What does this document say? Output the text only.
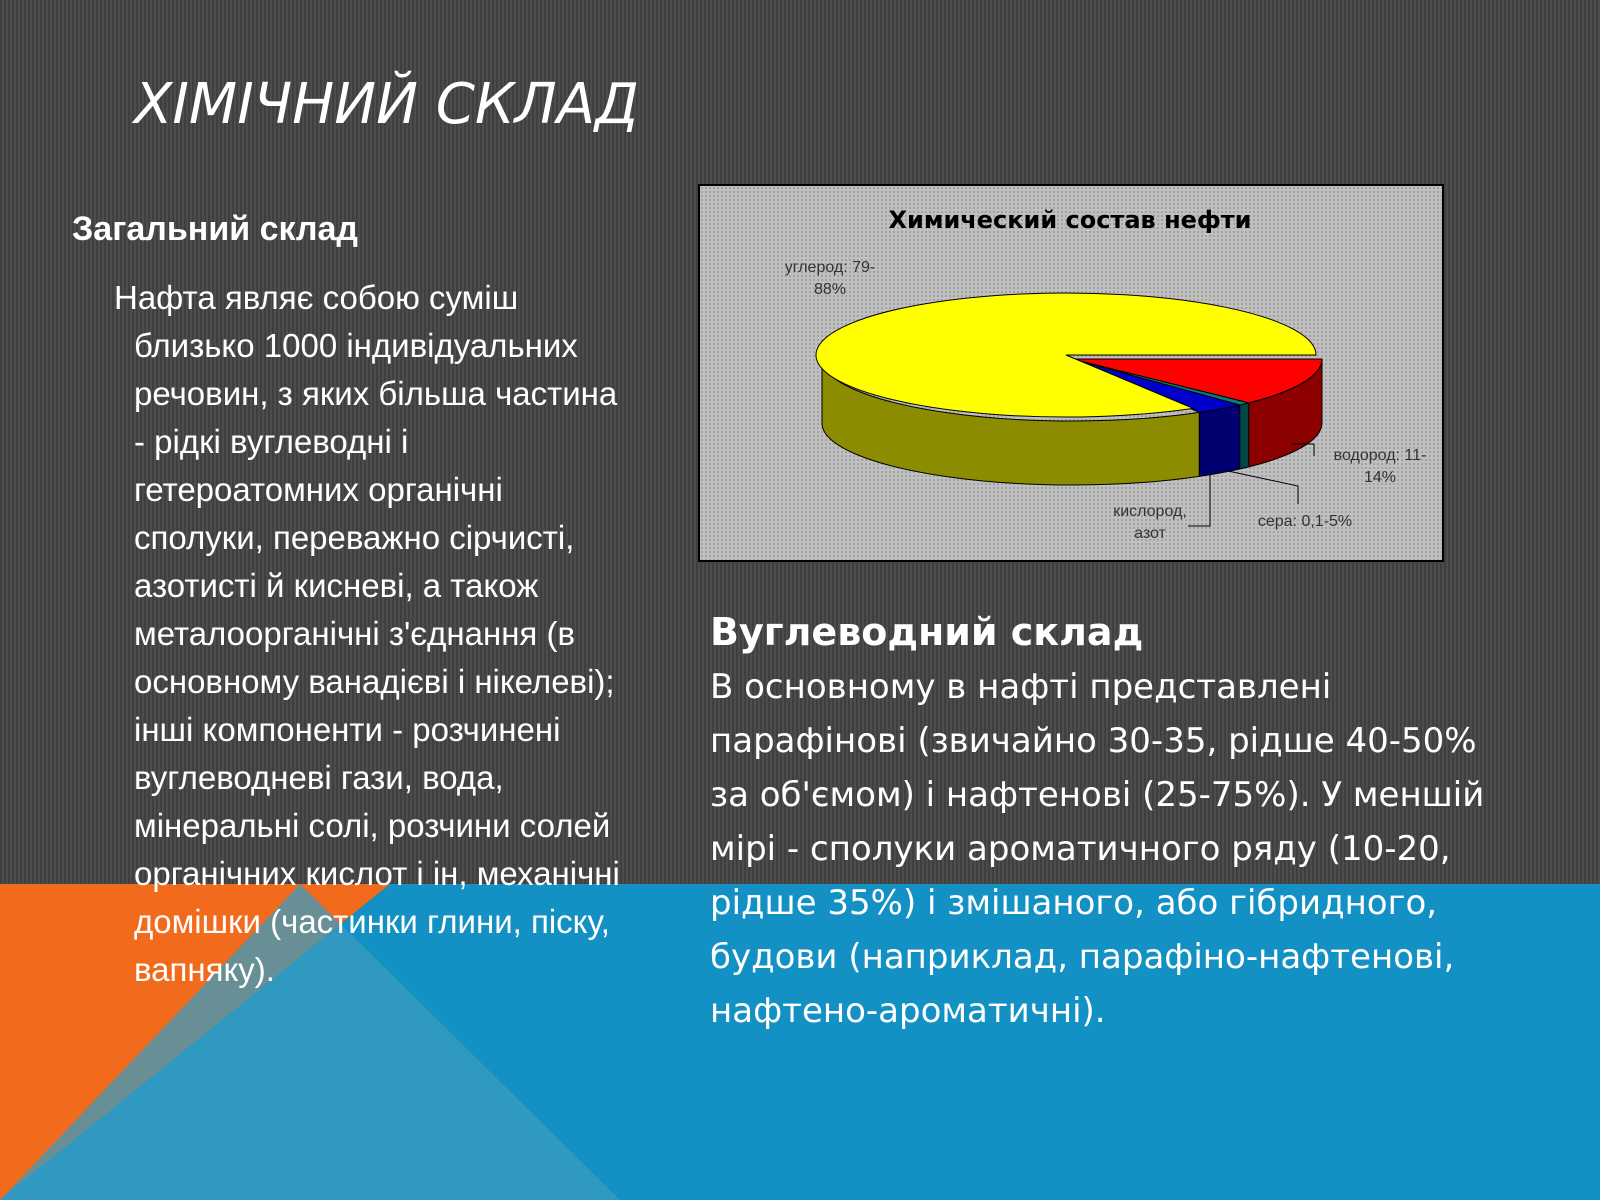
ХІМІЧНИЙ СКЛАД
Загальний склад

Нафта являє собою суміш близько 1000 індивідуальних речовин, з яких більша частина - рідкі вуглеводні і гетероатомних органічні сполуки, переважно сірчисті, азотисті й кисневі, а також металоорганічні з'єднання (в основному ванадієві і нікелеві); інші компоненти - розчинені вуглеводневі гази, вода, мінеральні солі, розчини солей органічних кислот і ін, механічні домішки (частинки глини, піску, вапняку).

Химический состав нефти
углерод: 79-
88%
водород: 11-
14%
сера: 0,1-5%
кислород,
азот
Вуглеводний склад

В основному в нафті представлені парафінові (звичайно 30-35, рідше 40-50% за об'ємом) і нафтенові (25-75%). У меншій мірі - сполуки ароматичного ряду (10-20, рідше 35%) і змішаного, або гібридного, будови (наприклад, парафіно-нафтенові, нафтено-ароматичні).
